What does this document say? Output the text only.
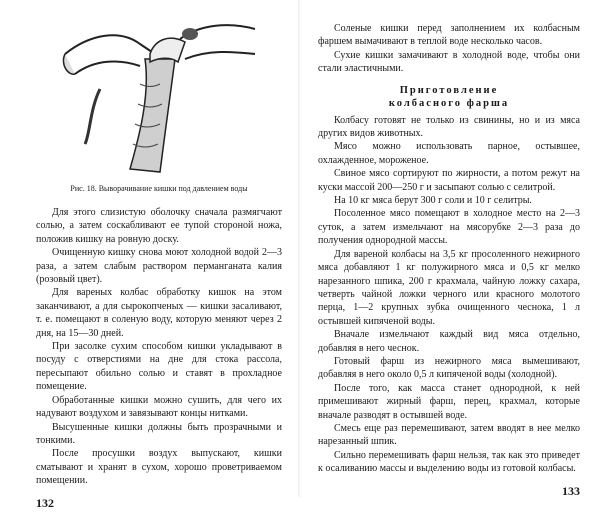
Рис. 18. Выворачивание кишки под давлением воды

Для этого слизистую оболочку сначала размягчают солью, а затем соскабливают ее тупой стороной ножа, положив кишку на ровную доску.

Очищенную кишку снова моют холодной водой 2—3 раза, а затем слабым раствором перманганата калия (розовый цвет).

Для вареных колбас обработку кишок на этом заканчивают, а для сырокопченых — кишки засаливают, т. е. помещают в соленую воду, которую меняют через 2 дня, на 15—30 дней.

При засолке сухим способом кишки укладывают в посуду с отверстиями на дне для стока рассола, пересыпают обильно солью и ставят в прохладное помещение.

Обработанные кишки можно сушить, для чего их надувают воздухом и завязывают концы нитками.

Высушенные кишки должны быть прозрачными и тонкими.

После просушки воздух выпускают, кишки сматывают и хранят в сухом, хорошо проветриваемом помещении.

132

Соленые кишки перед заполнением их колбасным фаршем вымачивают в теплой воде несколько часов.

Сухие кишки замачивают в холодной воде, чтобы они стали эластичными.

Приготовление
колбасного фарша

Колбасу готовят не только из свинины, но и из мяса других видов животных.

Мясо можно использовать парное, остывшее, охлажденное, мороженое.

Свиное мясо сортируют по жирности, а потом режут на куски массой 200—250 г и засыпают солью с селитрой.

На 10 кг мяса берут 300 г соли и 10 г селитры.

Посоленное мясо помещают в холодное место на 2—3 суток, а затем измельчают на мясорубке 2—3 раза до получения однородной массы.

Для вареной колбасы на 3,5 кг просоленного нежирного мяса добавляют 1 кг полужирного мяса и 0,5 кг мелко нарезанного шпика, 200 г крахмала, чайную ложку сахара, четверть чайной ложки черного или красного молотого перца, 1—2 крупных зубка очищенного чеснока, 1 л остывшей кипяченой воды.

Вначале измельчают каждый вид мяса отдельно, добавляя в него чеснок.

Готовый фарш из нежирного мяса вымешивают, добавляя в него около 0,5 л кипяченой воды (холодной).

После того, как масса станет однородной, к ней примешивают жирный фарш, перец, крахмал, которые вначале разводят в остывшей воде.

Смесь еще раз перемешивают, затем вводят в нее мелко нарезанный шпик.

Сильно перемешивать фарш нельзя, так как это приведет к осаливанию массы и выделению воды из готовой колбасы.

133
